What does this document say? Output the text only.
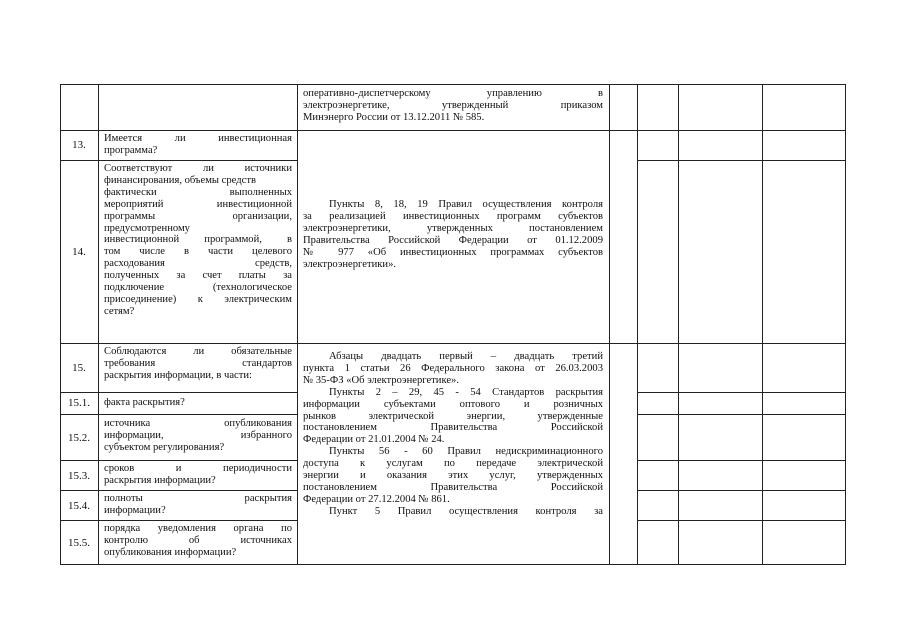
оперативно-диспетчерскому управлению в
электроэнергетике, утвержденный приказом
Минэнерго России от 13.12.2011 № 585.
13.
Имеется ли инвестиционная
программа?
14.
Соответствуют ли источники
финансирования, объемы средств
фактически выполненных
мероприятий инвестиционной
программы организации,
предусмотренному
инвестиционной программой, в
том числе в части целевого
расходования средств,
полученных за счет платы за
подключение (технологическое
присоединение) к электрическим
сетям?
Пункты 8, 18, 19 Правил осуществления контроля
за реализацией инвестиционных программ субъектов
электроэнергетики, утвержденных постановлением
Правительства Российской Федерации от 01.12.2009
№ 977 «Об инвестиционных программах субъектов
электроэнергетики».
15.
Соблюдаются ли обязательные
требования стандартов
раскрытия информации, в части:
15.1.	факта раскрытия?
15.2.
источника опубликования
информации, избранного
субъектом регулирования?
15.3.
сроков и периодичности
раскрытия информации?
15.4.
полноты раскрытия
информации?
15.5.
порядка уведомления органа по
контролю об источниках
опубликования информации?
Абзацы двадцать первый – двадцать третий
пункта 1 статьи 26 Федерального закона от 26.03.2003
№ 35-ФЗ «Об электроэнергетике».
Пункты 2 – 29, 45 - 54 Стандартов раскрытия
информации субъектами оптового и розничных
рынков электрической энергии, утвержденные
постановлением Правительства Российской
Федерации от 21.01.2004 № 24.
Пункты 56 - 60 Правил недискриминационного
доступа к услугам по передаче электрической
энергии и оказания этих услуг, утвержденных
постановлением Правительства Российской
Федерации от 27.12.2004 № 861.
Пункт 5 Правил осуществления контроля за
